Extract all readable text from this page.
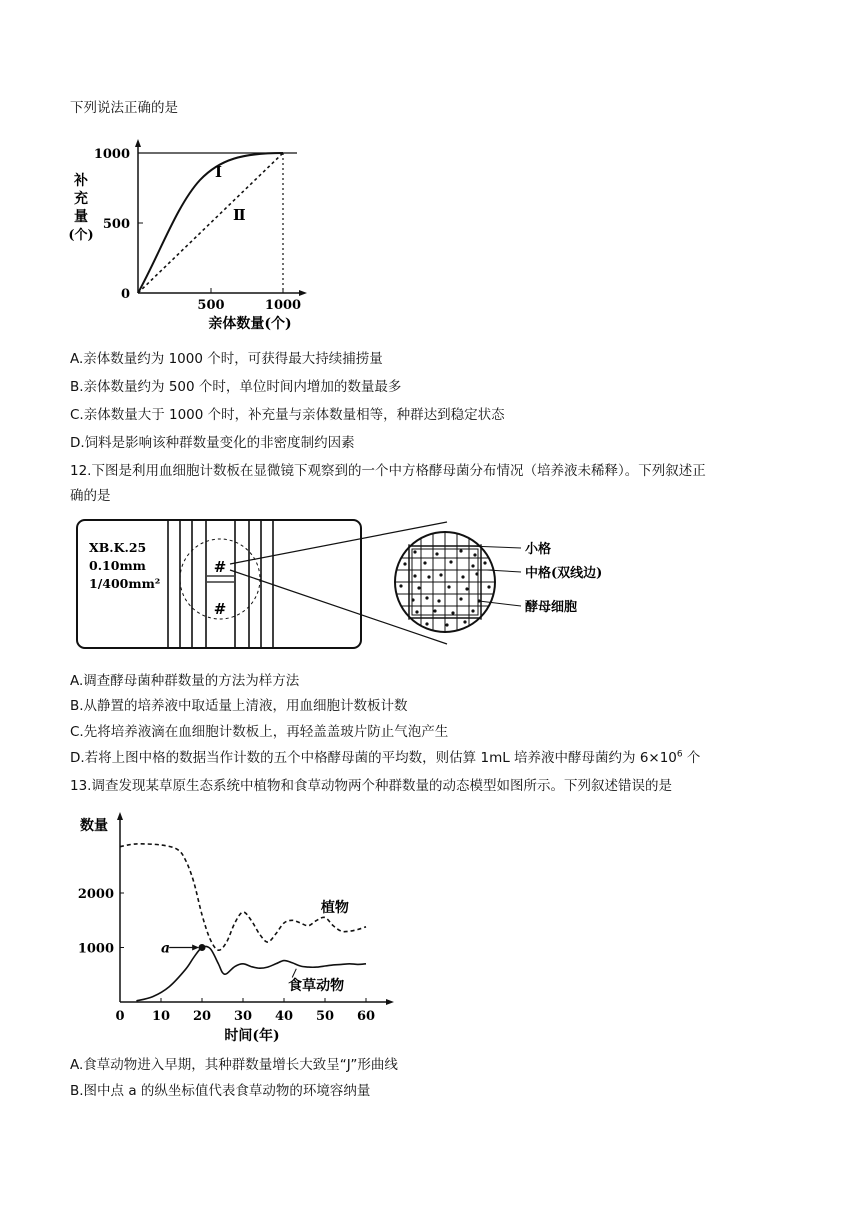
下列说法正确的是
补
充
量
(个)
1000
500
0
Ⅰ
Ⅱ
500	1000
亲体数量(个)
A.亲体数量约为 1000 个时，可获得最大持续捕捞量
B.亲体数量约为 500 个时，单位时间内增加的数量最多
C.亲体数量大于 1000 个时，补充量与亲体数量相等，种群达到稳定状态
D.饲料是影响该种群数量变化的非密度制约因素
12.下图是利用血细胞计数板在显微镜下观察到的一个中方格酵母菌分布情况（培养液未稀释）。下列叙述正
确的是
XB.K.25
0.10mm
1/400mm²
#
#
小格
中格(双线边)
酵母细胞
A.调查酵母菌种群数量的方法为样方法
B.从静置的培养液中取适量上清液，用血细胞计数板计数
C.先将培养液滴在血细胞计数板上，再轻盖盖玻片防止气泡产生
D.若将上图中格的数据当作计数的五个中格酵母菌的平均数，则估算 1mL 培养液中酵母菌约为 $6\times 10^6$ 个
13.调查发现某草原生态系统中植物和食草动物两个种群数量的动态模型如图所示。下列叙述错误的是
数量
0 10 20 30 40 50 60
2000
1000
植物
食草动物
a
时间(年)
A.食草动物进入早期，其种群数量增长大致呈“J”形曲线
B.图中点 a 的纵坐标值代表食草动物的环境容纳量
